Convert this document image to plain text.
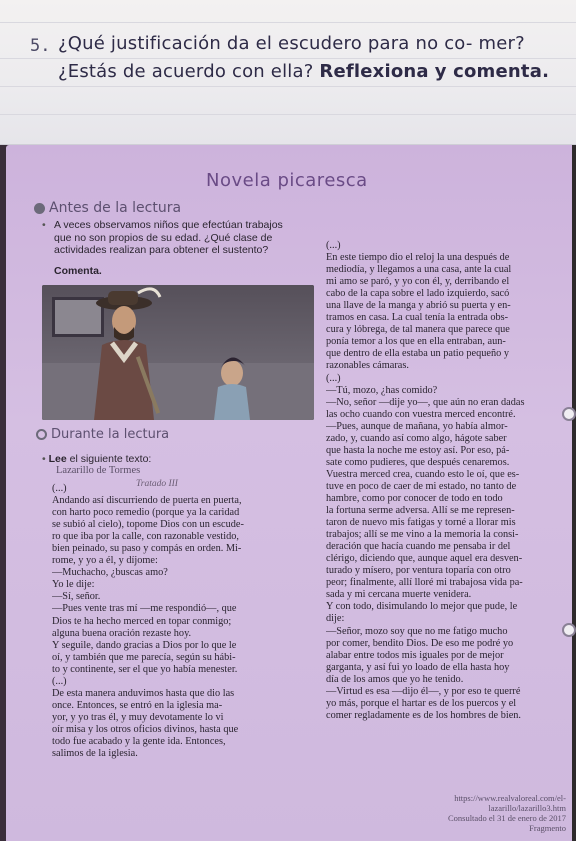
5. ¿Qué justificación da el escudero para no co- mer? ¿Estás de acuerdo con ella? Reflexiona y comenta.
Novela picaresca
Antes de la lectura
• A veces observamos niños que efectúan trabajos que no son propios de su edad. ¿Qué clase de actividades realizan para obtener el sustento?
Comenta.
Durante la lectura
• Lee el siguiente texto:
Lazarillo de Tormes
Tratado III
(...)
Andando así discurriendo de puerta en puerta,
con harto poco remedio (porque ya la caridad
se subió al cielo), topome Dios con un escude-
ro que iba por la calle, con razonable vestido,
bien peinado, su paso y compás en orden. Mi-
rome, y yo a él, y díjome:
—Muchacho, ¿buscas amo?
Yo le dije:
—Sí, señor.
—Pues vente tras mí —me respondió—, que
Dios te ha hecho merced en topar conmigo;
alguna buena oración rezaste hoy.
Y seguile, dando gracias a Dios por lo que le
oí, y también que me parecía, según su hábi-
to y continente, ser el que yo había menester.
(...)
De esta manera anduvimos hasta que dio las
once. Entonces, se entró en la iglesia ma-
yor, y yo tras él, y muy devotamente lo vi
oír misa y los otros oficios divinos, hasta que
todo fue acabado y la gente ida. Entonces,
salimos de la iglesia.
(...)
En este tiempo dio el reloj la una después de
mediodía, y llegamos a una casa, ante la cual
mi amo se paró, y yo con él, y, derribando el
cabo de la capa sobre el lado izquierdo, sacó
una llave de la manga y abrió su puerta y en-
tramos en casa. La cual tenía la entrada obs-
cura y lóbrega, de tal manera que parece que
ponía temor a los que en ella entraban, aun-
que dentro de ella estaba un patio pequeño y
razonables cámaras.
(...)
—Tú, mozo, ¿has comido?
—No, señor —dije yo—, que aún no eran dadas
las ocho cuando con vuestra merced encontré.
—Pues, aunque de mañana, yo había almor-
zado, y, cuando así como algo, hágote saber
que hasta la noche me estoy así. Por eso, pá-
sate como pudieres, que después cenaremos.
Vuestra merced crea, cuando esto le oí, que es-
tuve en poco de caer de mi estado, no tanto de
hambre, como por conocer de todo en todo
la fortuna serme adversa. Allí se me represen-
taron de nuevo mis fatigas y torné a llorar mis
trabajos; allí se me vino a la memoria la consi-
deración que hacía cuando me pensaba ir del
clérigo, diciendo que, aunque aquel era desven-
turado y mísero, por ventura toparía con otro
peor; finalmente, allí lloré mi trabajosa vida pa-
sada y mi cercana muerte venidera.
Y con todo, disimulando lo mejor que pude, le
dije:
—Señor, mozo soy que no me fatigo mucho
por comer, bendito Dios. De eso me podré yo
alabar entre todos mis iguales por de mejor
garganta, y así fui yo loado de ella hasta hoy
día de los amos que yo he tenido.
—Virtud es esa —dijo él—, y por eso te querré
yo más, porque el hartar es de los puercos y el
comer regladamente es de los hombres de bien.
https://www.realvaloreal.com/el-lazarillo/lazarillo3.htm
Consultado el 31 de enero de 2017
Fragmento
